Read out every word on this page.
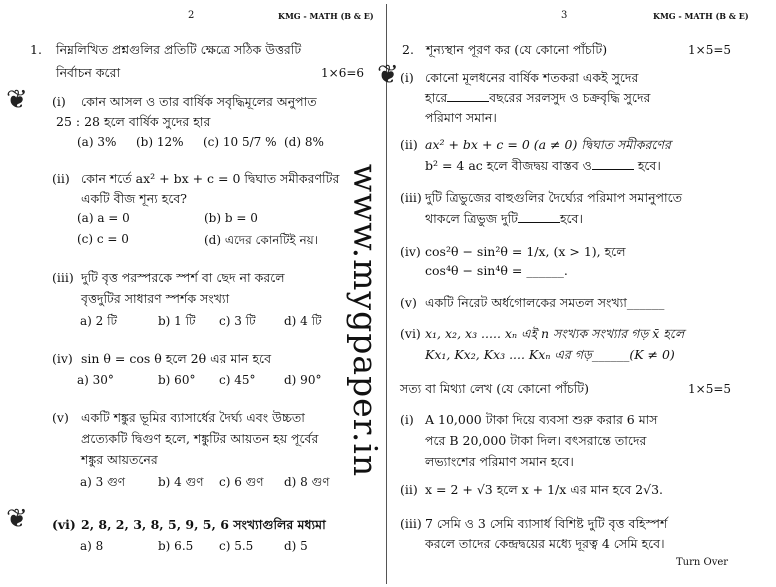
2	KMG - MATH (B & E)
1. নিম্নলিখিত প্রশ্নগুলির প্রতিটি ক্ষেত্রে সঠিক উত্তরটি
নির্বাচন করো	1×6=6
❦ (i) কোন আসল ও তার বার্ষিক সবৃদ্ধিমূলের অনুপাত
25 : 28 হলে বার্ষিক সুদের হার
(a) 3% (b) 12% (c) 10 5/7 % (d) 8%
(ii) কোন শর্তে ax² + bx + c = 0 দ্বিঘাত সমীকরণটির
একটি বীজ শূন্য হবে?
(a) a = 0	(b) b = 0
(c) c = 0	(d) এদের কোনটিই নয়।
(iii) দুটি বৃত্ত পরস্পরকে স্পর্শ বা ছেদ না করলে
বৃত্তদুটির সাধারণ স্পর্শক সংখ্যা
a) 2 টি	b) 1 টি c) 3 টি d) 4 টি
(iv) sin θ = cos θ হলে 2θ এর মান হবে
a) 30°	b) 60° c) 45° d) 90°
(v) একটি শঙ্কুর ভূমির ব্যাসার্ধের দৈর্ঘ্য এবং উচ্চতা
প্রত্যেকটি দ্বিগুণ হলে, শঙ্কুটির আয়তন হয় পূর্বের
শঙ্কুর আয়তনের
a) 3 গুণ	b) 4 গুণ c) 6 গুণ d) 8 গুণ
❦ (vi) 2, 8, 2, 3, 8, 5, 9, 5, 6 সংখ্যাগুলির মধ্যমা
a) 8	b) 6.5 c) 5.5	d) 5
www.mygpaper.in
3	KMG - MATH (B & E)
2. শূন্যস্থান পূরণ কর (যে কোনো পাঁচটি)	1×5=5
❦ (i) কোনো মূলধনের বার্ষিক শতকরা একই সুদের
হারে	বছরের সরলসুদ ও চক্রবৃদ্ধি সুদের
পরিমাণ সমান।
(ii) ax² + bx + c = 0 (a ≠ 0) দ্বিঘাত সমীকরণের
b² = 4 ac হলে বীজদ্বয় বাস্তব ও	হবে।
(iii) দুটি ত্রিভুজের বাহুগুলির দৈর্ঘ্যের পরিমাপ সমানুপাতে
থাকলে ত্রিভুজ দুটি	হবে।
(iv) cos²θ − sin²θ = 1/x, (x > 1), হলে
cos⁴θ − sin⁴θ = ______.
(v) একটি নিরেট অর্ধগোলকের সমতল সংখ্যা______
(vi) x₁, x₂, x₃ ..... xₙ এই n সংখ্যক সংখ্যার গড় x̄ হলে
Kx₁, Kx₂, Kx₃ .... Kxₙ এর গড়______(K ≠ 0)
সত্য বা মিথ্যা লেখ (যে কোনো পাঁচটি)	1×5=5
(i) A 10,000 টাকা দিয়ে ব্যবসা শুরু করার 6 মাস
পরে B 20,000 টাকা দিল। বৎসরান্তে তাদের
লভ্যাংশের পরিমাণ সমান হবে।
(ii) x = 2 + √3 হলে x + 1/x এর মান হবে 2√3.
(iii) 7 সেমি ও 3 সেমি ব্যাসার্ধ বিশিষ্ট দুটি বৃত্ত বহিস্পর্শ
করলে তাদের কেন্দ্রদ্বয়ের মধ্যে দূরত্ব 4 সেমি হবে।
Turn Over
